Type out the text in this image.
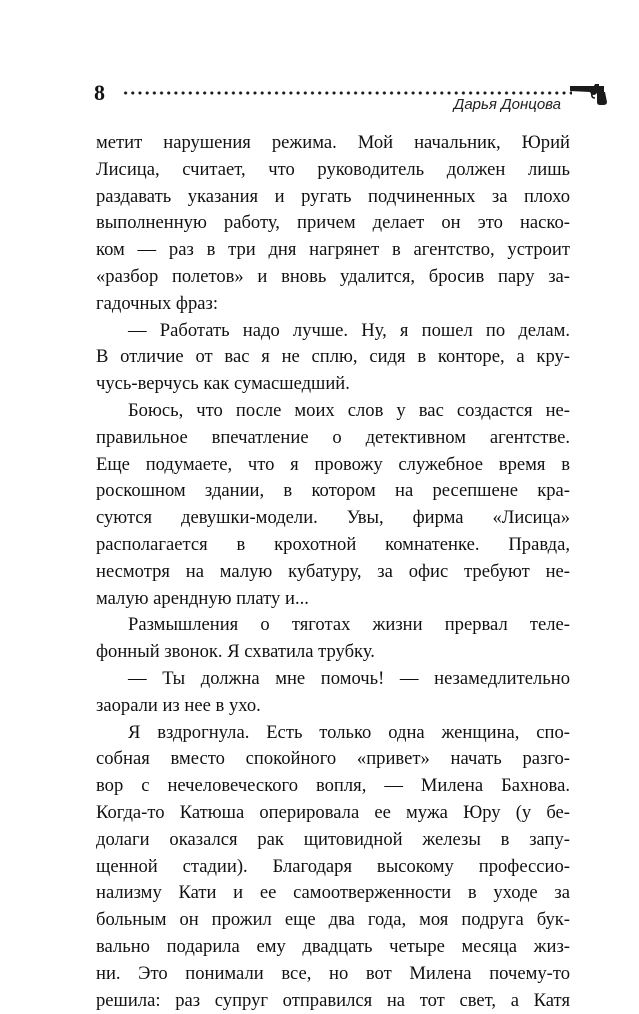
8	Дарья Донцова
метит нарушения режима. Мой начальник, Юрий
Лисица, считает, что руководитель должен лишь
раздавать указания и ругать подчиненных за плохо
выполненную работу, причем делает он это наско-
ком — раз в три дня нагрянет в агентство, устроит
«разбор полетов» и вновь удалится, бросив пару за-
гадочных фраз:
— Работать надо лучше. Ну, я пошел по делам.
В отличие от вас я не сплю, сидя в конторе, а кру-
чусь-верчусь как сумасшедший.
Боюсь, что после моих слов у вас создастся не-
правильное впечатление о детективном агентстве.
Еще подумаете, что я провожу служебное время в
роскошном здании, в котором на ресепшене кра-
суются девушки-модели. Увы, фирма «Лисица»
располагается в крохотной комнатенке. Правда,
несмотря на малую кубатуру, за офис требуют не-
малую арендную плату и...
Размышления о тяготах жизни прервал теле-
фонный звонок. Я схватила трубку.
— Ты должна мне помочь! — незамедлительно
заорали из нее в ухо.
Я вздрогнула. Есть только одна женщина, спо-
собная вместо спокойного «привет» начать разго-
вор с нечеловеческого вопля, — Милена Бахнова.
Когда-то Катюша оперировала ее мужа Юру (у бе-
долаги оказался рак щитовидной железы в запу-
щенной стадии). Благодаря высокому профессио-
нализму Кати и ее самоотверженности в уходе за
больным он прожил еще два года, моя подруга бук-
вально подарила ему двадцать четыре месяца жиз-
ни. Это понимали все, но вот Милена почему-то
решила: раз супруг отправился на тот свет, а Катя
